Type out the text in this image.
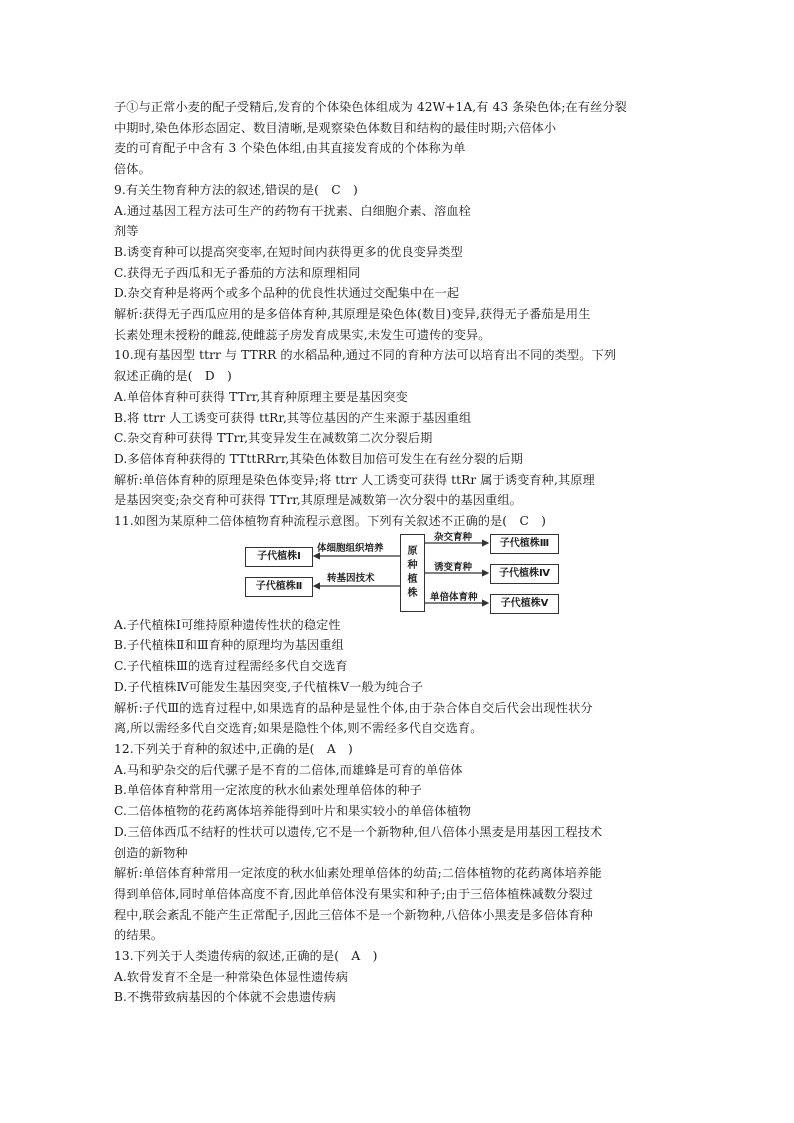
子①与正常小麦的配子受精后,发育的个体染色体组成为 42W+1A,有 43 条染色体;在有丝分裂
中期时,染色体形态固定、数目清晰,是观察染色体数目和结构的最佳时期;六倍体小
麦的可育配子中含有 3 个染色体组,由其直接发育成的个体称为单
倍体。
9.有关生物育种方法的叙述,错误的是(　C　)
A.通过基因工程方法可生产的药物有干扰素、白细胞介素、溶血栓
剂等
B.诱变育种可以提高突变率,在短时间内获得更多的优良变异类型
C.获得无子西瓜和无子番茄的方法和原理相同
D.杂交育种是将两个或多个品种的优良性状通过交配集中在一起
解析:获得无子西瓜应用的是多倍体育种,其原理是染色体(数目)变异,获得无子番茄是用生
长素处理未授粉的雌蕊,使雌蕊子房发育成果实,未发生可遗传的变异。
10.现有基因型 ttrr 与 TTRR 的水稻品种,通过不同的育种方法可以培育出不同的类型。下列
叙述正确的是(　D　)
A.单倍体育种可获得 TTrr,其育种原理主要是基因突变
B.将 ttrr 人工诱变可获得 ttRr,其等位基因的产生来源于基因重组
C.杂交育种可获得 TTrr,其变异发生在减数第二次分裂后期
D.多倍体育种获得的 TTttRRrr,其染色体数目加倍可发生在有丝分裂的后期
解析:单倍体育种的原理是染色体变异;将 ttrr 人工诱变可获得 ttRr 属于诱变育种,其原理
是基因突变;杂交育种可获得 TTrr,其原理是减数第一次分裂中的基因重组。
11.如图为某原种二倍体植物育种流程示意图。下列有关叙述不正确的是(　C　)
子代植株Ⅰ
子代植株Ⅱ
体细胞组织培养
转基因技术
原
种
植
株
杂交育种
诱变育种
单倍体育种
子代植株Ⅲ
子代植株Ⅳ
子代植株Ⅴ
A.子代植株Ⅰ可维持原种遗传性状的稳定性
B.子代植株Ⅱ和Ⅲ育种的原理均为基因重组
C.子代植株Ⅲ的选育过程需经多代自交选育
D.子代植株Ⅳ可能发生基因突变,子代植株Ⅴ一般为纯合子
解析:子代Ⅲ的选育过程中,如果选育的品种是显性个体,由于杂合体自交后代会出现性状分
离,所以需经多代自交选育;如果是隐性个体,则不需经多代自交选育。
12.下列关于育种的叙述中,正确的是(　A　)
A.马和驴杂交的后代骡子是不育的二倍体,而雄蜂是可育的单倍体
B.单倍体育种常用一定浓度的秋水仙素处理单倍体的种子
C.二倍体植物的花药离体培养能得到叶片和果实较小的单倍体植物
D.三倍体西瓜不结籽的性状可以遗传,它不是一个新物种,但八倍体小黑麦是用基因工程技术
创造的新物种
解析:单倍体育种常用一定浓度的秋水仙素处理单倍体的幼苗;二倍体植物的花药离体培养能
得到单倍体,同时单倍体高度不育,因此单倍体没有果实和种子;由于三倍体植株减数分裂过
程中,联会紊乱不能产生正常配子,因此三倍体不是一个新物种,八倍体小黑麦是多倍体育种
的结果。
13.下列关于人类遗传病的叙述,正确的是(　A　)
A.软骨发育不全是一种常染色体显性遗传病
B.不携带致病基因的个体就不会患遗传病
